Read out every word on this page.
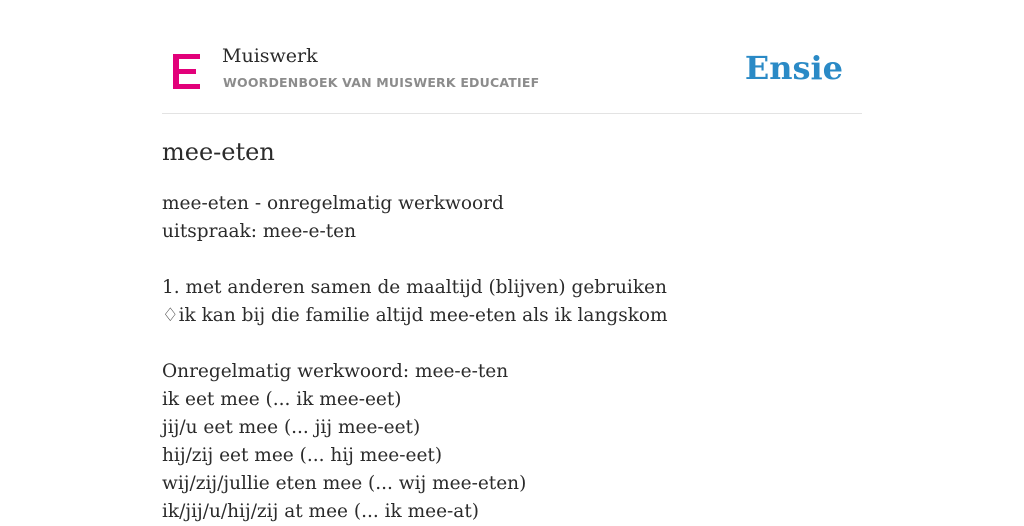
Muiswerk
WOORDENBOEK VAN MUISWERK EDUCATIEF	Ensie
mee-eten
mee-eten - onregelmatig werkwoord
uitspraak: mee-e-ten
1. met anderen samen de maaltijd (blijven) gebruiken
♢ik kan bij die familie altijd mee-eten als ik langskom
Onregelmatig werkwoord: mee-e-ten
ik eet mee (... ik mee-eet)
jij/u eet mee (... jij mee-eet)
hij/zij eet mee (... hij mee-eet)
wij/zij/jullie eten mee (... wij mee-eten)
ik/jij/u/hij/zij at mee (... ik mee-at)
